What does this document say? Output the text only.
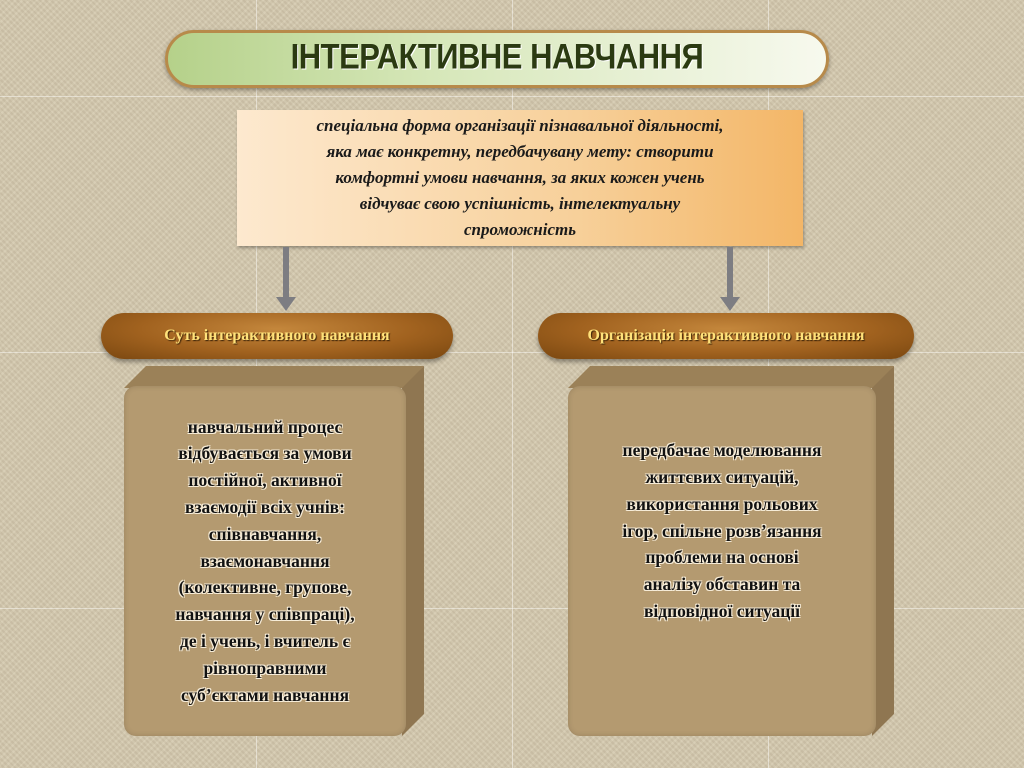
ІНТЕРАКТИВНЕ НАВЧАННЯ
спеціальна форма організації пізнавальної діяльності,
яка має конкретну, передбачувану мету: створити
комфортні умови навчання, за яких кожен учень
відчуває свою успішність, інтелектуальну
спроможність
Суть інтерактивного навчання	Організація інтерактивного навчання
навчальний процес
відбувається за умови
постійної, активної
взаємодії всіх учнів:
співнавчання,
взаємонавчання
(колективне, групове,
навчання у співпраці),
де і учень, і вчитель є
рівноправними
суб’єктами навчання
передбачає моделювання
життєвих ситуацій,
використання рольових
ігор, спільне розв’язання
проблеми на основі
аналізу обставин та
відповідної ситуації
